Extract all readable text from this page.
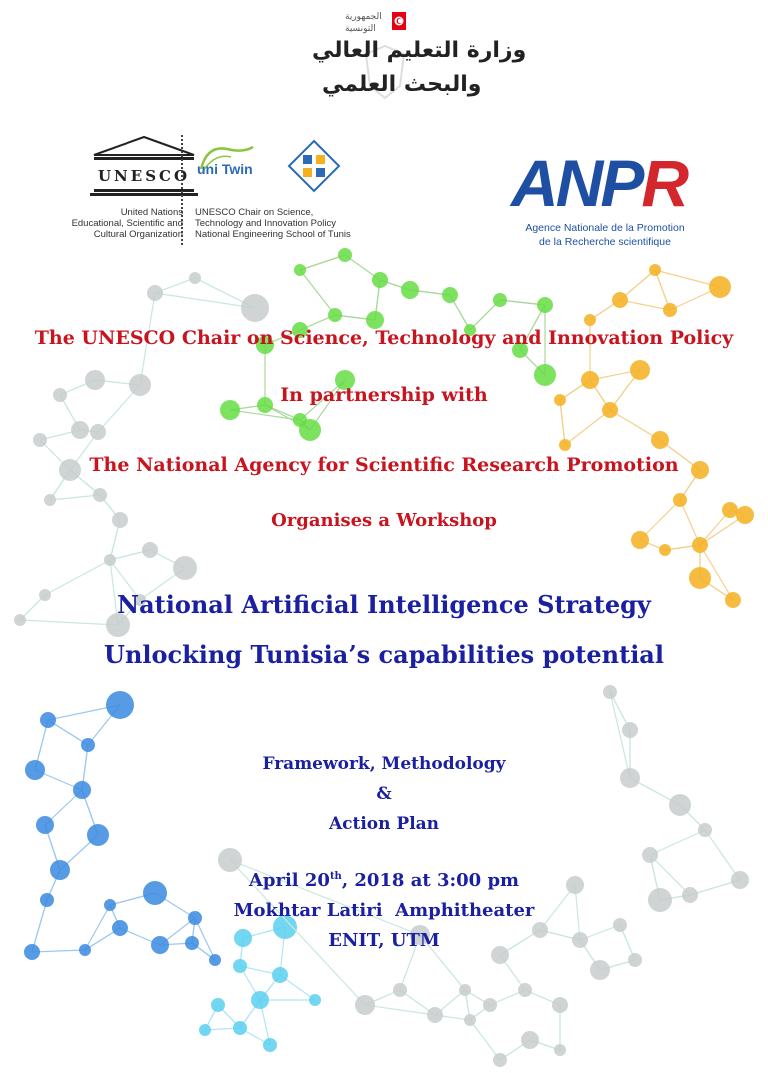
الجمهورية
التونسية
وزارة التعليم العالي
والبحث العلمي
UNESCO
United Nations
Educational, Scientific and
Cultural Organization
uni Twin
UNESCO Chair on Science,
Technology and Innovation Policy
National Engineering School of Tunis
ANPR
Agence Nationale de la Promotion
de la Recherche scientifique
The UNESCO Chair on Science, Technology and Innovation Policy
In partnership with
The National Agency for Scientific Research Promotion
Organises a Workshop
National Artificial Intelligence Strategy
Unlocking Tunisia’s capabilities potential
Framework, Methodology
&
Action Plan
April 20th, 2018 at 3:00 pm
Mokhtar Latiri  Amphitheater
ENIT, UTM
